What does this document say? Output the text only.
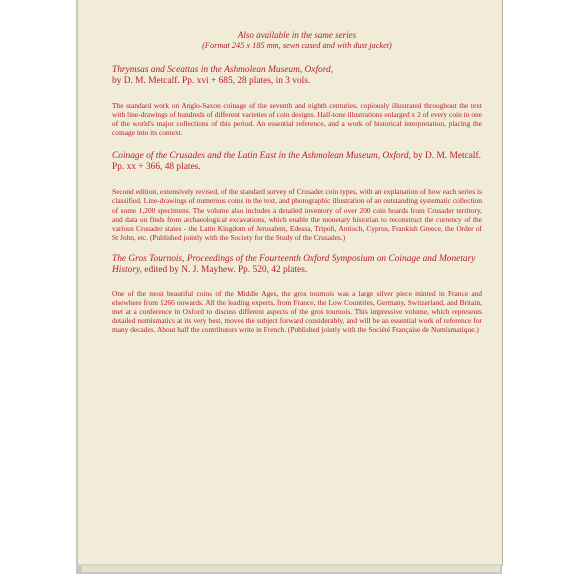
Also available in the same series
(Format 245 x 185 mm, sewn cased and with dust jacket)

Thrymsas and Sceattas in the Ashmolean Museum, Oxford,
by D. M. Metcalf. Pp. xvi + 685, 28 plates, in 3 vols.

The standard work on Anglo-Saxon coinage of the seventh and eighth centuries, copiously illustrated throughout the text with line-drawings of hundreds of different varieties of coin designs. Half-tone illustrations enlarged x 2 of every coin in one of the world's major collections of this period. An essential reference, and a work of historical interpretation, placing the coinage into its context.

Coinage of the Crusades and the Latin East in the Ashmolean Museum, Oxford, by D. M. Metcalf. Pp. xx + 366, 48 plates.

Second edition, extensively revised, of the standard survey of Crusader coin types, with an explanation of how each series is classified. Line-drawings of numerous coins in the text, and photographic illustration of an outstanding systematic collection of some 1,200 specimens. The volume also includes a detailed inventory of over 200 coin hoards from Crusader territory, and data on finds from archaeological excavations, which enable the monetary historian to reconstruct the currency of the various Crusader states - the Latin Kingdom of Jerusalem, Edessa, Tripoli, Antioch, Cyprus, Frankish Greece, the Order of St John, etc. (Published jointly with the Society for the Study of the Crusades.)

The Gros Tournois, Proceedings of the Fourteenth Oxford Symposium on Coinage and Monetary History, edited by N. J. Mayhew. Pp. 520, 42 plates.

One of the most beautiful coins of the Middle Ages, the gros tournois was a large silver piece minted in France and elsewhere from 1266 onwards. All the leading experts, from France, the Low Countries, Germany, Switzerland, and Britain, met at a conference in Oxford to discuss different aspects of the gros tournois. This impressive volume, which represents detailed numismatics at its very best, moves the subject forward considerably, and will be an essential work of reference for many decades. About half the contributors write in French. (Published jointly with the Société Française de Numismatique.)
